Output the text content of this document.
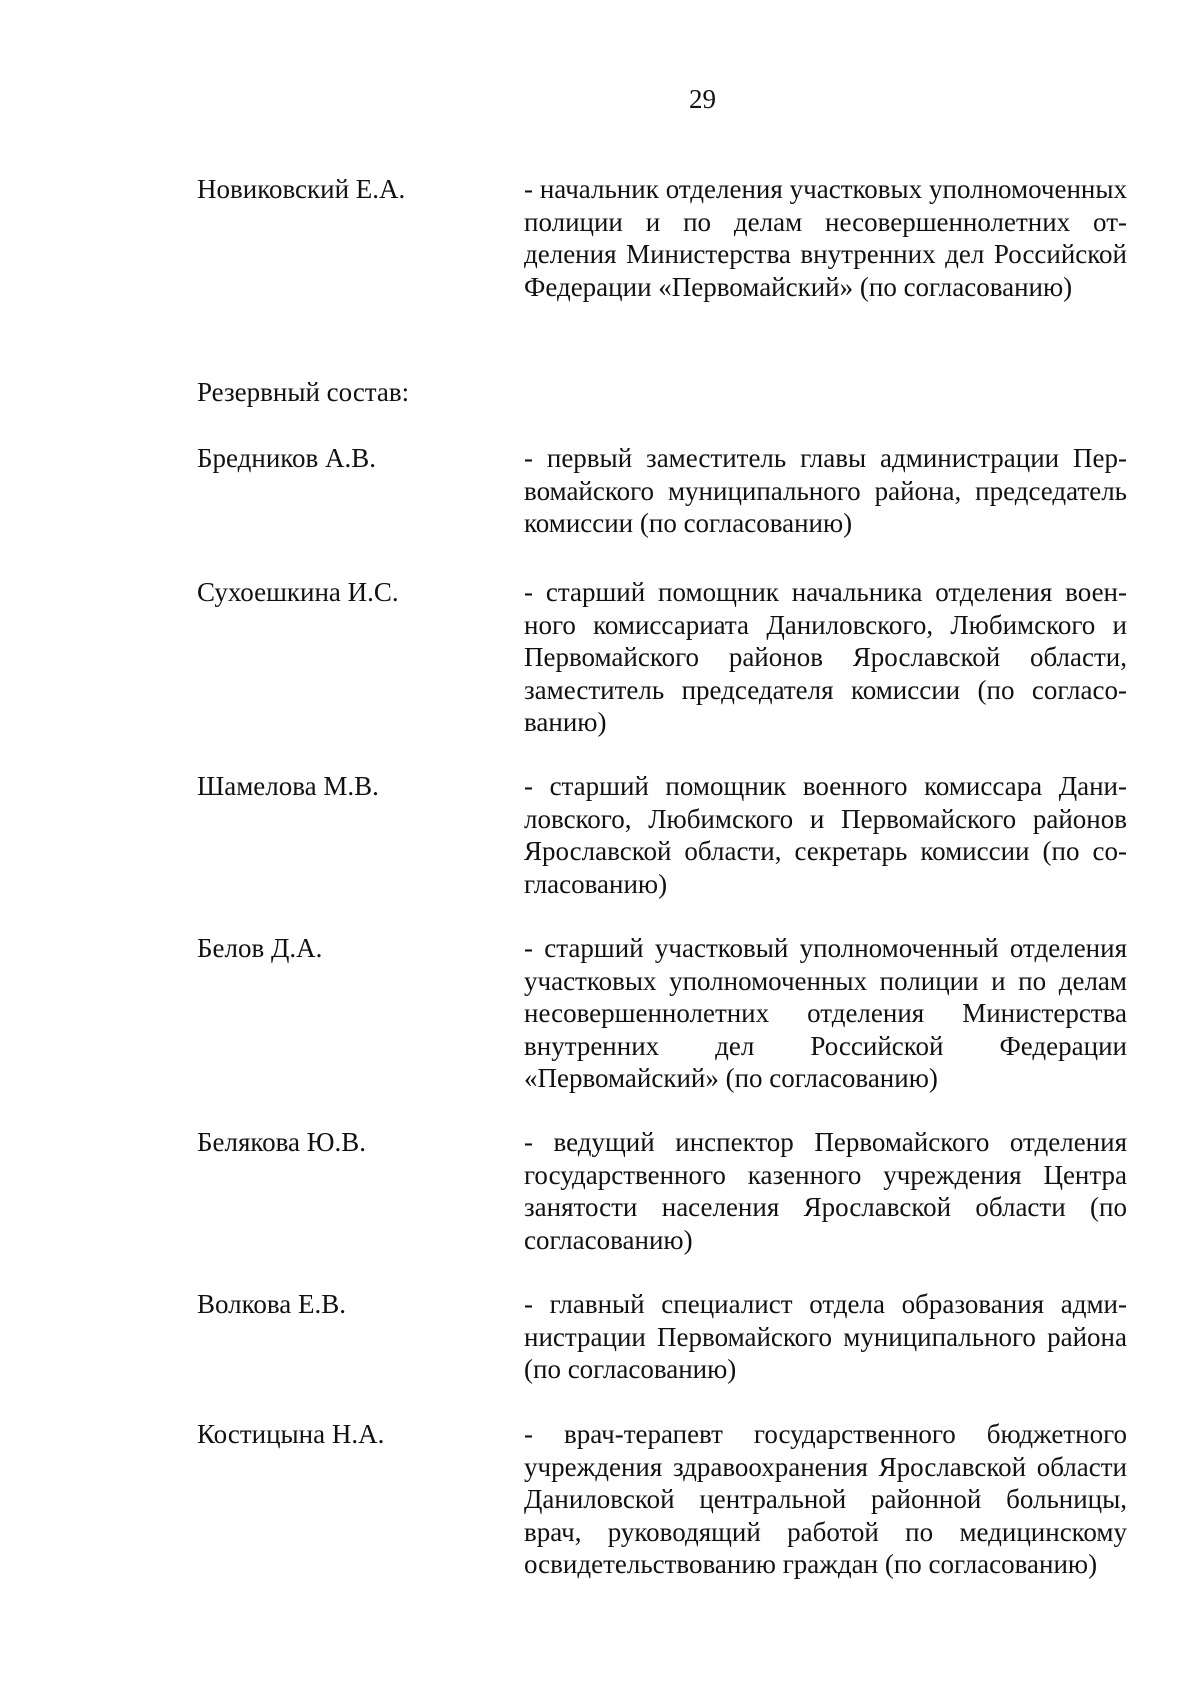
29
Новиковский Е.А.	- начальник отделения участковых уполномоченных полиции и по делам несовершеннолетних отделения Министерства внутренних дел Российской Федерации «Первомайский» (по согласованию)
Резервный состав:
Бредников А.В.	- первый заместитель главы администрации Первомайского муниципального района, председатель комиссии (по согласованию)
Сухоешкина И.С.	- старший помощник начальника отделения военного комиссариата Даниловского, Любимского и Первомайского районов Ярославской области, заместитель председателя комиссии (по согласованию)
Шамелова М.В.	- старший помощник военного комиссара Даниловского, Любимского и Первомайского районов Ярославской области, секретарь комиссии (по согласованию)
Белов Д.А.	- старший участковый уполномоченный отделения участковых уполномоченных полиции и по делам несовершеннолетних отделения Министерства внутренних дел Российской Федерации «Первомайский» (по согласованию)
Белякова Ю.В.	- ведущий инспектор Первомайского отделения государственного казенного учреждения Центра занятости населения Ярославской области (по согласованию)
Волкова Е.В.	- главный специалист отдела образования администрации Первомайского муниципального района (по согласованию)
Костицына Н.А.	- врач-терапевт государственного бюджетного учреждения здравоохранения Ярославской области Даниловской центральной районной больницы, врач, руководящий работой по медицинскому освидетельствованию граждан (по согласованию)
